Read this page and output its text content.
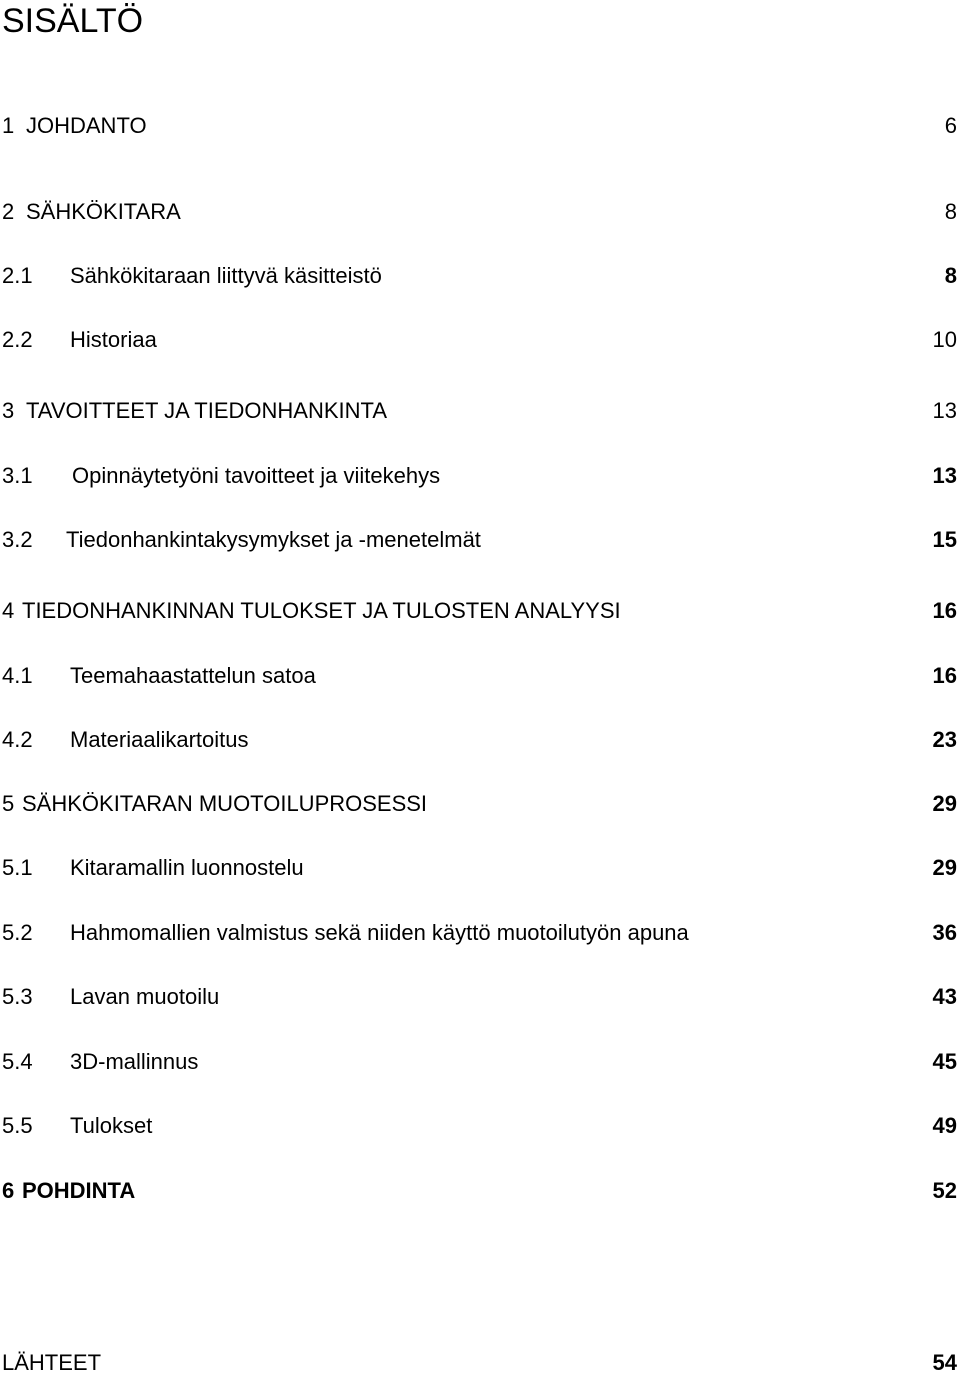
SISÄLTÖ
1 JOHDANTO	6
2 SÄHKÖKITARA	8
2.1 Sähkökitaraan liittyvä käsitteistö	8
2.2 Historiaa	10
3 TAVOITTEET JA TIEDONHANKINTA	13
3.1 Opinnäytetyöni tavoitteet ja viitekehys	13
3.2 Tiedonhankintakysymykset ja -menetelmät	15
4 TIEDONHANKINNAN TULOKSET JA TULOSTEN ANALYYSI	16
4.1 Teemahaastattelun satoa	16
4.2 Materiaalikartoitus	23
5 SÄHKÖKITARAN MUOTOILUPROSESSI	29
5.1 Kitaramallin luonnostelu	29
5.2 Hahmomallien valmistus sekä niiden käyttö muotoilutyön apuna	36
5.3 Lavan muotoilu	43
5.4 3D-mallinnus	45
5.5 Tulokset	49
6 POHDINTA	52
LÄHTEET	54
